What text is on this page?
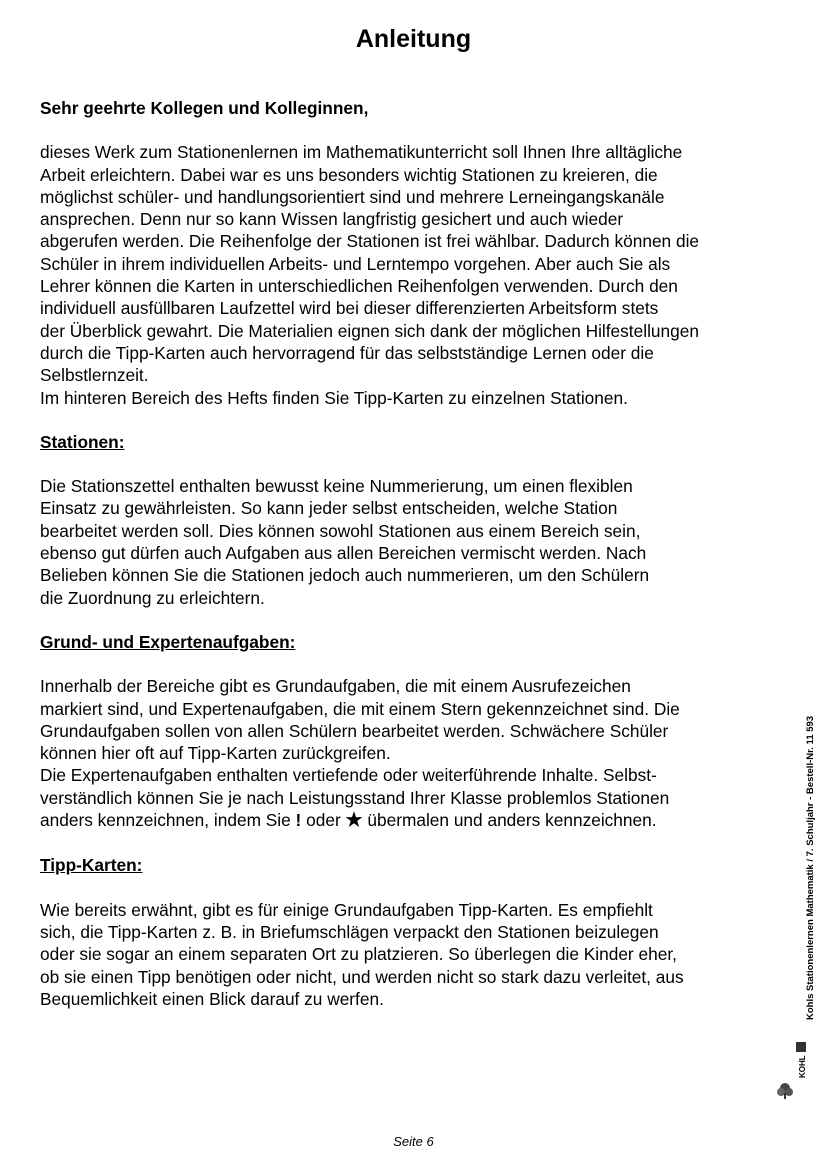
Anleitung
Sehr geehrte Kollegen und Kolleginnen,
dieses Werk zum Stationenlernen im Mathematikunterricht soll Ihnen Ihre alltägliche
Arbeit erleichtern. Dabei war es uns besonders wichtig Stationen zu kreieren, die
möglichst schüler- und handlungsorientiert sind und mehrere Lerneingangskanäle
ansprechen. Denn nur so kann Wissen langfristig gesichert und auch wieder
abgerufen werden. Die Reihenfolge der Stationen ist frei wählbar. Dadurch können die
Schüler in ihrem individuellen Arbeits- und Lerntempo vorgehen. Aber auch Sie als
Lehrer können die Karten in unterschiedlichen Reihenfolgen verwenden. Durch den
individuell ausfüllbaren Laufzettel wird bei dieser differenzierten Arbeitsform stets
der Überblick gewahrt. Die Materialien eignen sich dank der möglichen Hilfestellungen
durch die Tipp-Karten auch hervorragend für das selbstständige Lernen oder die
Selbstlernzeit.
Im hinteren Bereich des Hefts finden Sie Tipp-Karten zu einzelnen Stationen.
Stationen:
Die Stationszettel enthalten bewusst keine Nummerierung, um einen flexiblen
Einsatz zu gewährleisten. So kann jeder selbst entscheiden, welche Station
bearbeitet werden soll. Dies können sowohl Stationen aus einem Bereich sein,
ebenso gut dürfen auch Aufgaben aus allen Bereichen vermischt werden. Nach
Belieben können Sie die Stationen jedoch auch nummerieren, um den Schülern
die Zuordnung zu erleichtern.
Grund- und Expertenaufgaben:
Innerhalb der Bereiche gibt es Grundaufgaben, die mit einem Ausrufezeichen
markiert sind, und Expertenaufgaben, die mit einem Stern gekennzeichnet sind. Die
Grundaufgaben sollen von allen Schülern bearbeitet werden. Schwächere Schüler
können hier oft auf Tipp-Karten zurückgreifen.
Die Expertenaufgaben enthalten vertiefende oder weiterführende Inhalte. Selbst-
verständlich können Sie je nach Leistungsstand Ihrer Klasse problemlos Stationen
anders kennzeichnen, indem Sie ! oder ★ übermalen und anders kennzeichnen.
Tipp-Karten:
Wie bereits erwähnt, gibt es für einige Grundaufgaben Tipp-Karten. Es empfiehlt
sich, die Tipp-Karten z. B. in Briefumschlägen verpackt den Stationen beizulegen
oder sie sogar an einem separaten Ort zu platzieren. So überlegen die Kinder eher,
ob sie einen Tipp benötigen oder nicht, und werden nicht so stark dazu verleitet, aus
Bequemlichkeit einen Blick darauf zu werfen.	Kohls Stationenlernen Mathematik / 7. Schuljahr - Bestell-Nr. 11 593
KOHL
Seite 6
